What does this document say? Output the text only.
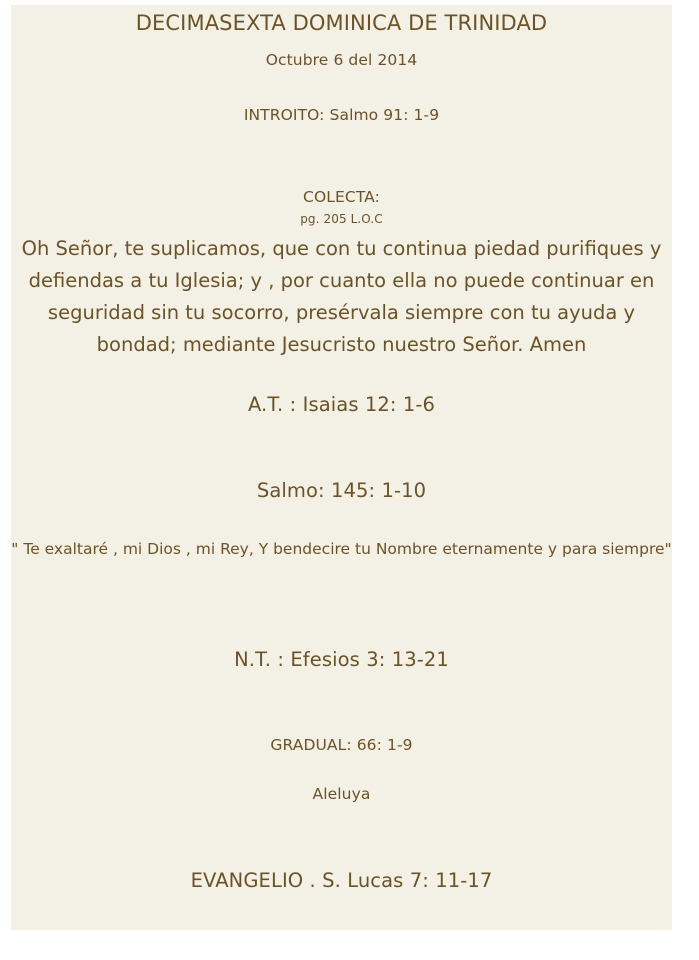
DECIMASEXTA DOMINICA DE TRINIDAD
Octubre 6 del 2014
INTROITO: Salmo 91: 1-9
COLECTA:
pg. 205 L.O.C
Oh Señor, te suplicamos, que con tu continua piedad purifiques y defiendas a tu Iglesia; y , por cuanto ella no puede continuar en seguridad sin tu socorro, presérvala siempre con tu ayuda y bondad; mediante Jesucristo nuestro Señor. Amen
A.T. : Isaias 12: 1-6
Salmo: 145: 1-10
" Te exaltaré , mi Dios , mi Rey, Y bendecire tu Nombre eternamente y para siempre"
N.T. : Efesios 3: 13-21
GRADUAL: 66: 1-9
Aleluya
EVANGELIO . S. Lucas 7: 11-17
